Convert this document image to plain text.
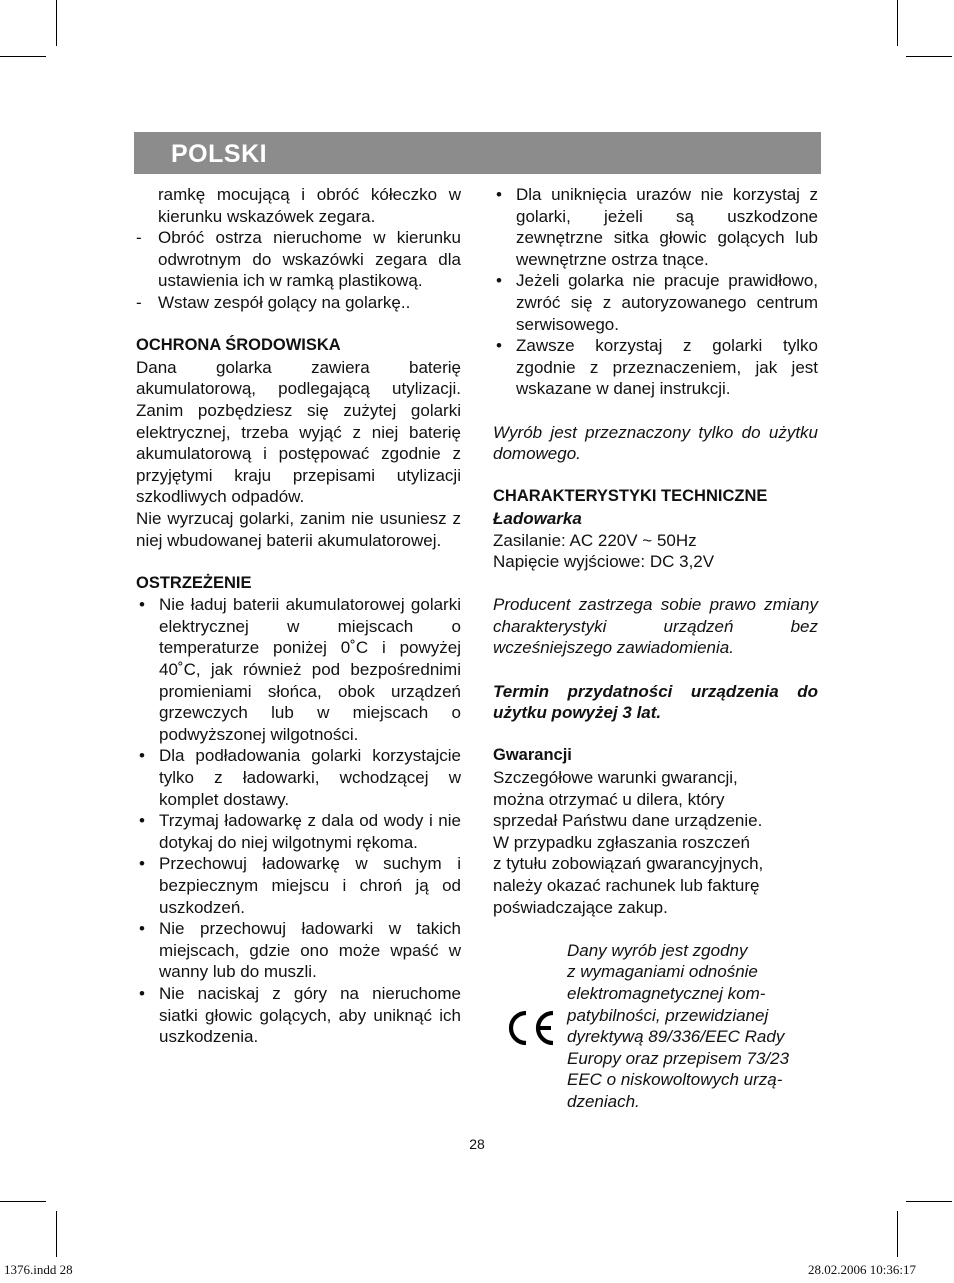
POLSKI

ramkę mocującą i obróć kółeczko w kierunku wskazówek zegara.

- Obróć ostrza nieruchome w kierunku odwrotnym do wskazówki zegara dla ustawienia ich w ramką plastikową.

- Wstaw zespół golący na golarkę..

OCHRONA ŚRODOWISKA

Dana golarka zawiera baterię akumulatorową, podlegającą utylizacji. Zanim pozbędziesz się zużytej golarki elektrycznej, trzeba wyjąć z niej baterię akumulatorową i postępować zgodnie z przyjętymi kraju przepisami utylizacji szkodliwych odpadów.

Nie wyrzucaj golarki, zanim nie usuniesz z niej wbudowanej baterii akumulatorowej.

OSTRZEŻENIE

• Nie ładuj baterii akumulatorowej golarki elektrycznej w miejscach o temperaturze poniżej 0˚C i powyżej 40˚C, jak również pod bezpośrednimi promieniami słońca, obok urządzeń grzewczych lub w miejscach o podwyższonej wilgotności.

• Dla podładowania golarki korzystajcie tylko z ładowarki, wchodzącej w komplet dostawy.

• Trzymaj ładowarkę z dala od wody i nie dotykaj do niej wilgotnymi rękoma.

• Przechowuj ładowarkę w suchym i bezpiecznym miejscu i chroń ją od uszkodzeń.

• Nie przechowuj ładowarki w takich miejscach, gdzie ono może wpaść w wanny lub do muszli.

• Nie naciskaj z góry na nieruchome siatki głowic golących, aby uniknąć ich uszkodzenia.

• Dla uniknięcia urazów nie korzystaj z golarki, jeżeli są uszkodzone zewnętrzne sitka głowic golących lub wewnętrzne ostrza tnące.

• Jeżeli golarka nie pracuje prawidłowo, zwróć się z autoryzowanego centrum serwisowego.

• Zawsze korzystaj z golarki tylko zgodnie z przeznaczeniem, jak jest wskazane w danej instrukcji.

Wyrób jest przeznaczony tylko do użytku domowego.

CHARAKTERYSTYKI TECHNICZNE

Ładowarka

Zasilanie: AC 220V ~ 50Hz

Napięcie wyjściowe: DC 3,2V

Producent zastrzega sobie prawo zmiany charakterystyki urządzeń bez wcześniejszego zawiadomienia.

Termin przydatności urządzenia do użytku powyżej 3 lat.

Gwarancji

Szczegółowe warunki gwarancji,

można otrzymać u dilera, który

sprzedał Państwu dane urządzenie.

W przypadku zgłaszania roszczeń

z tytułu zobowiązań gwarancyjnych,

należy okazać rachunek lub fakturę

poświadczające zakup.

Dany wyrób jest zgodny
z wymaganiami odnośnie
elektromagnetycznej kom-
patybilności, przewidzianej
dyrektywą 89/336/EEC Rady
Europy oraz przepisem 73/23
EEC o niskowoltowych urzą-
dzeniach.
28
1376.indd 28	28.02.2006 10:36:17
